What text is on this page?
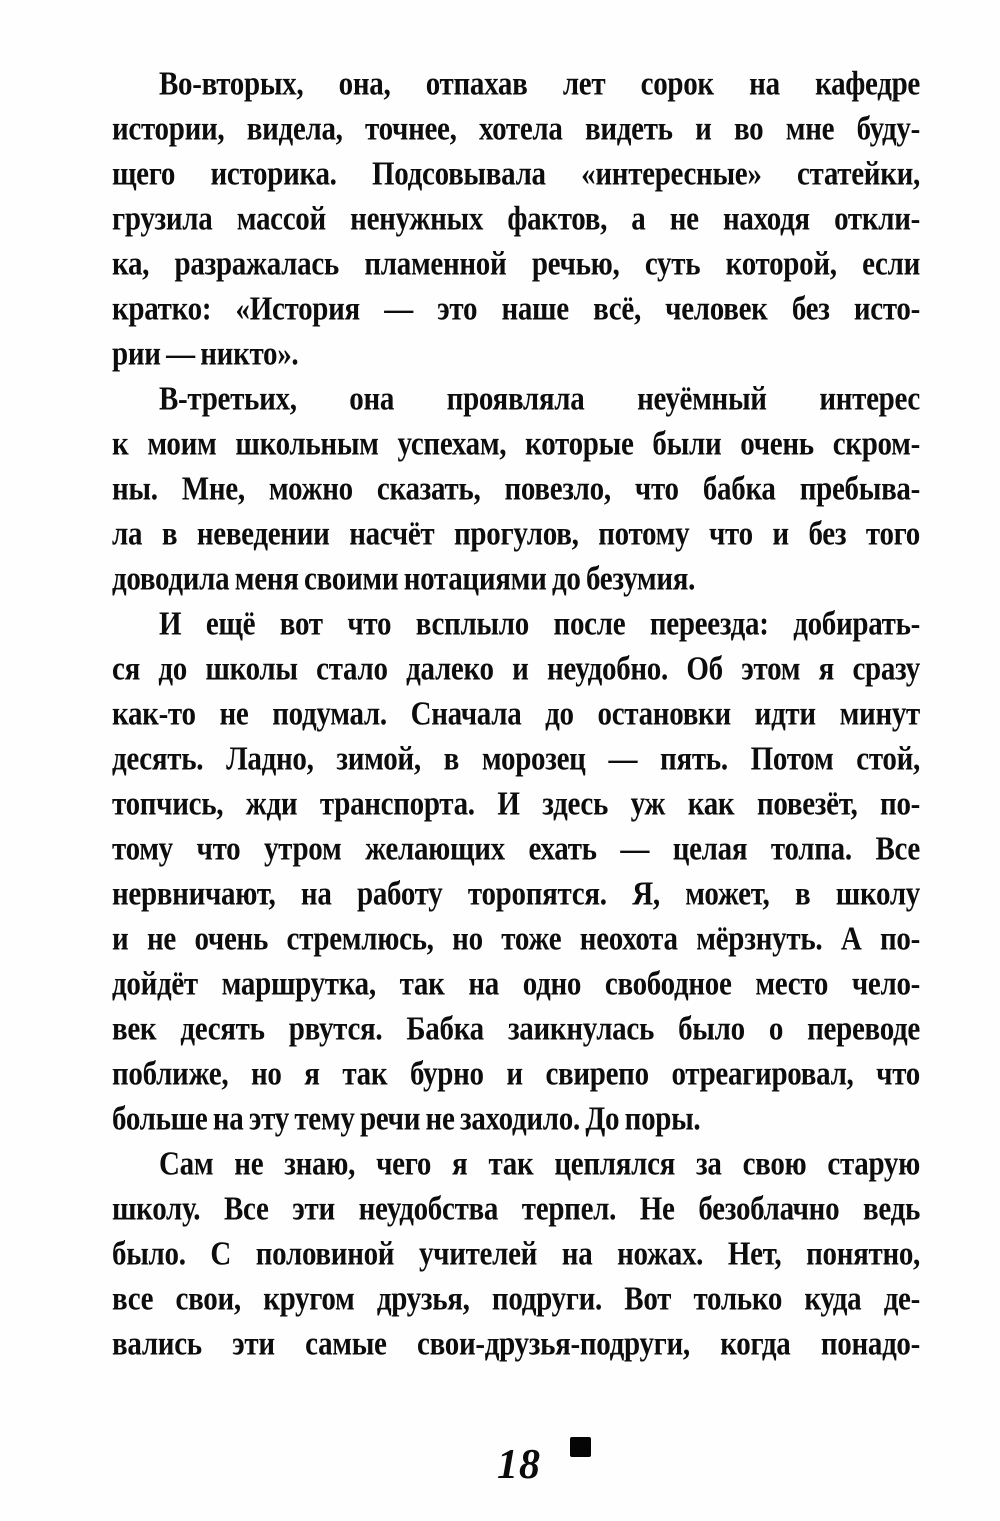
Во-вторых, она, отпахав лет сорок на кафедре
истории, видела, точнее, хотела видеть и во мне буду-
щего историка. Подсовывала «интересные» статейки,
грузила массой ненужных фактов, а не находя откли-
ка, разражалась пламенной речью, суть которой, если
кратко: «История — это наше всё, человек без исто-
рии — никто».
В-третьих, она проявляла неуёмный интерес
к моим школьным успехам, которые были очень скром-
ны. Мне, можно сказать, повезло, что бабка пребыва-
ла в неведении насчёт прогулов, потому что и без того
доводила меня своими нотациями до безумия.
И ещё вот что всплыло после переезда: добирать-
ся до школы стало далеко и неудобно. Об этом я сразу
как-то не подумал. Сначала до остановки идти минут
десять. Ладно, зимой, в морозец — пять. Потом стой,
топчись, жди транспорта. И здесь уж как повезёт, по-
тому что утром желающих ехать — целая толпа. Все
нервничают, на работу торопятся. Я, может, в школу
и не очень стремлюсь, но тоже неохота мёрзнуть. А по-
дойдёт маршрутка, так на одно свободное место чело-
век десять рвутся. Бабка заикнулась было о переводе
поближе, но я так бурно и свирепо отреагировал, что
больше на эту тему речи не заходило. До поры.
Сам не знаю, чего я так цеплялся за свою старую
школу. Все эти неудобства терпел. Не безоблачно ведь
было. С половиной учителей на ножах. Нет, понятно,
все свои, кругом друзья, подруги. Вот только куда де-
вались эти самые свои-друзья-подруги, когда понадо-
18
